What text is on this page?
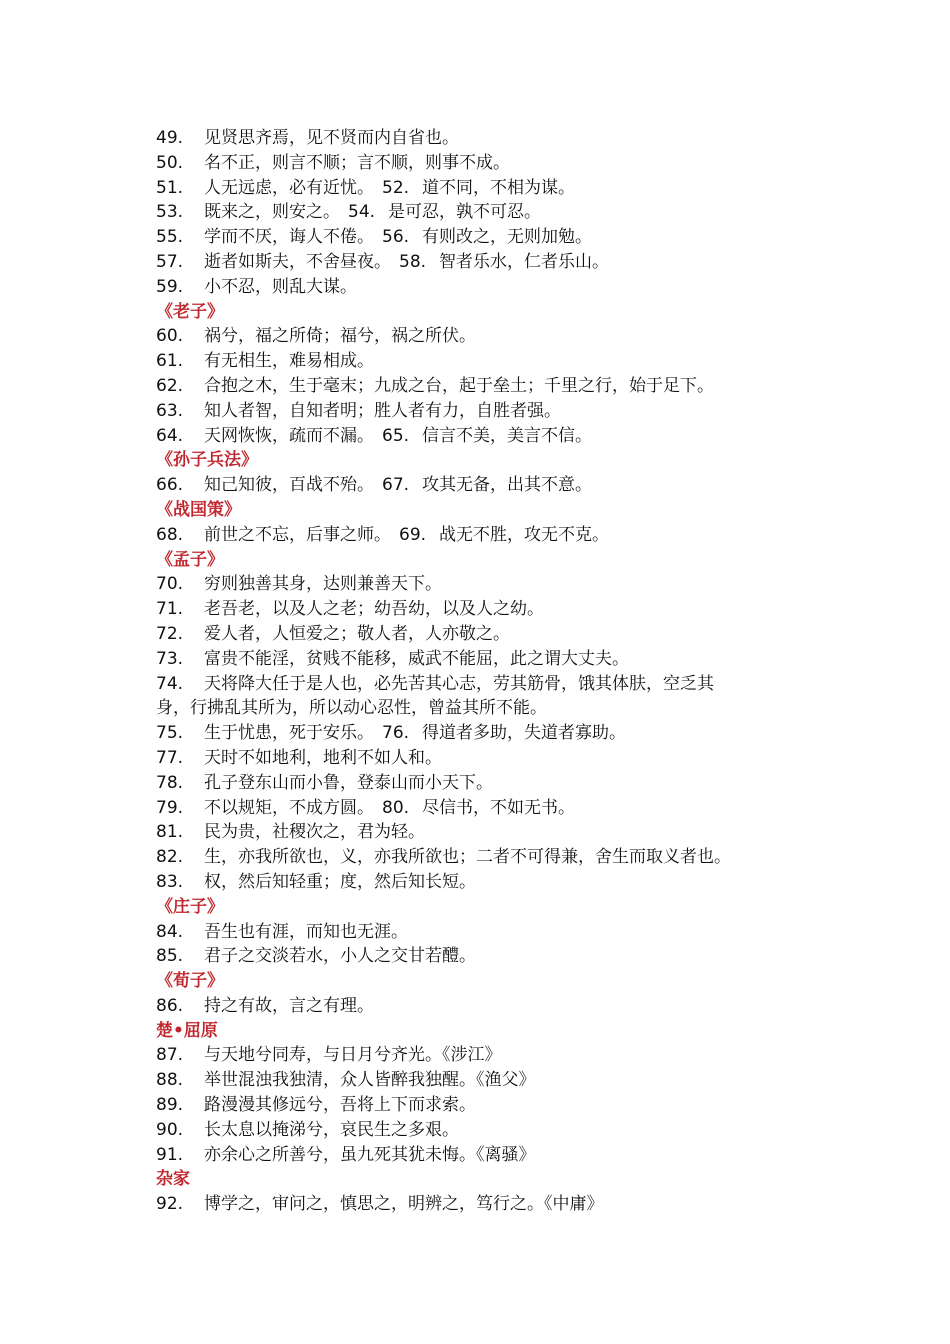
49. 见贤思齐焉，见不贤而内自省也。
50. 名不正，则言不顺；言不顺，则事不成。
51. 人无远虑，必有近忧。 52. 道不同，不相为谋。
53. 既来之，则安之。 54. 是可忍，孰不可忍。
55. 学而不厌，诲人不倦。 56. 有则改之，无则加勉。
57. 逝者如斯夫，不舍昼夜。 58. 智者乐水，仁者乐山。
59. 小不忍，则乱大谋。
《老子》
60. 祸兮，福之所倚；福兮，祸之所伏。
61. 有无相生，难易相成。
62. 合抱之木，生于毫末；九成之台，起于垒土；千里之行，始于足下。
63. 知人者智，自知者明；胜人者有力，自胜者强。
64. 天网恢恢，疏而不漏。 65. 信言不美，美言不信。
《孙子兵法》
66. 知己知彼，百战不殆。 67. 攻其无备，出其不意。
《战国策》
68. 前世之不忘，后事之师。 69. 战无不胜，攻无不克。
《孟子》
70. 穷则独善其身，达则兼善天下。
71. 老吾老，以及人之老；幼吾幼，以及人之幼。
72. 爱人者，人恒爱之；敬人者，人亦敬之。
73. 富贵不能淫，贫贱不能移，威武不能屈，此之谓大丈夫。
74. 天将降大任于是人也，必先苦其心志，劳其筋骨，饿其体肤，空乏其
身，行拂乱其所为，所以动心忍性，曾益其所不能。
75. 生于忧患，死于安乐。 76. 得道者多助，失道者寡助。
77. 天时不如地利，地利不如人和。
78. 孔子登东山而小鲁，登泰山而小天下。
79. 不以规矩，不成方圆。 80. 尽信书，不如无书。
81. 民为贵，社稷次之，君为轻。
82. 生，亦我所欲也，义，亦我所欲也；二者不可得兼，舍生而取义者也。
83. 权，然后知轻重；度，然后知长短。
《庄子》
84. 吾生也有涯，而知也无涯。
85. 君子之交淡若水，小人之交甘若醴。
《荀子》
86. 持之有故，言之有理。
楚•屈原
87. 与天地兮同寿，与日月兮齐光。《涉江》
88. 举世混浊我独清，众人皆醉我独醒。《渔父》
89. 路漫漫其修远兮，吾将上下而求索。
90. 长太息以掩涕兮，哀民生之多艰。
91. 亦余心之所善兮，虽九死其犹未悔。《离骚》
杂家
92. 博学之，审问之，慎思之，明辨之，笃行之。《中庸》
